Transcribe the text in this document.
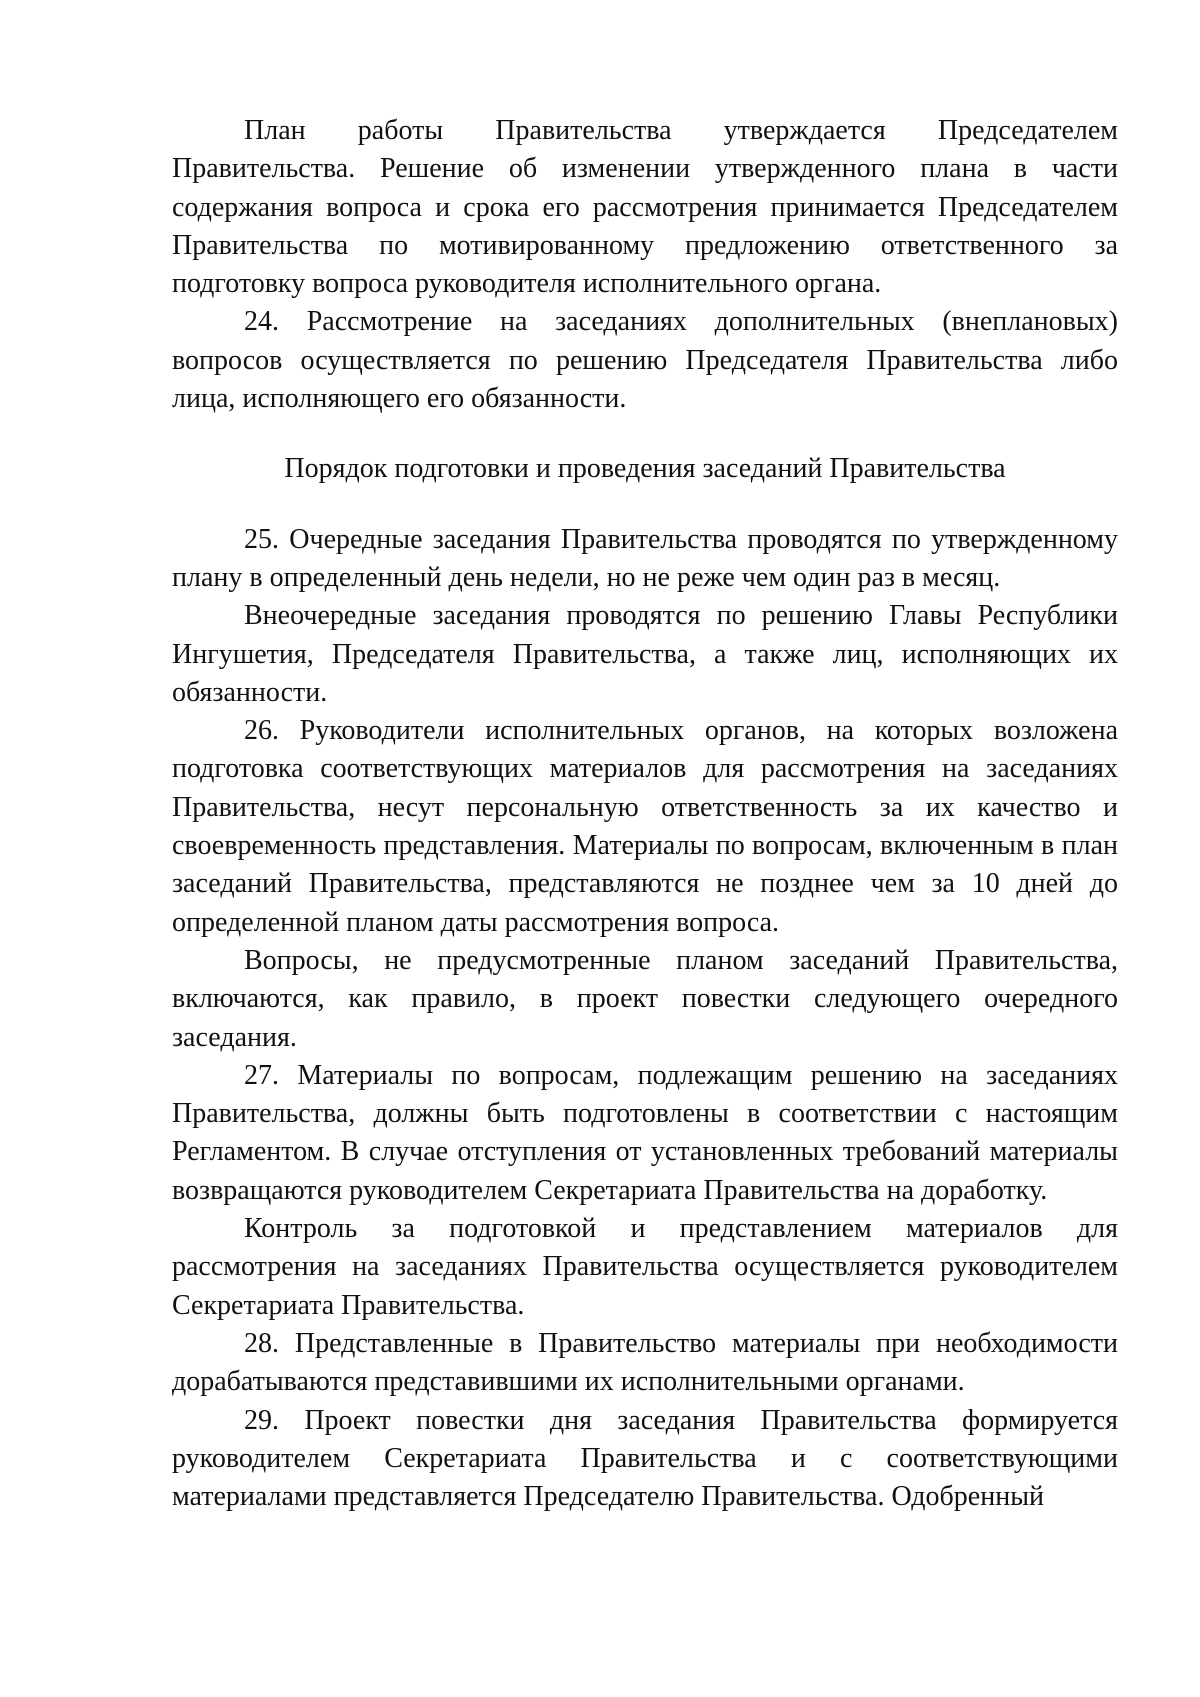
План работы Правительства утверждается Председателем Правительства. Решение об изменении утвержденного плана в части содержания вопроса и срока его рассмотрения принимается Председателем Правительства по мотивированному предложению ответственного за подготовку вопроса руководителя исполнительного органа.

24. Рассмотрение на заседаниях дополнительных (внеплановых) вопросов осуществляется по решению Председателя Правительства либо лица, исполняющего его обязанности.

Порядок подготовки и проведения заседаний Правительства

25. Очередные заседания Правительства проводятся по утвержденному плану в определенный день недели, но не реже чем один раз в месяц.

Внеочередные заседания проводятся по решению Главы Республики Ингушетия, Председателя Правительства, а также лиц, исполняющих их обязанности.

26. Руководители исполнительных органов, на которых возложена подготовка соответствующих материалов для рассмотрения на заседаниях Правительства, несут персональную ответственность за их качество и своевременность представления. Материалы по вопросам, включенным в план заседаний Правительства, представляются не позднее чем за 10 дней до определенной планом даты рассмотрения вопроса.

Вопросы, не предусмотренные планом заседаний Правительства, включаются, как правило, в проект повестки следующего очередного заседания.

27. Материалы по вопросам, подлежащим решению на заседаниях Правительства, должны быть подготовлены в соответствии с настоящим Регламентом. В случае отступления от установленных требований материалы возвращаются руководителем Секретариата Правительства на доработку.

Контроль за подготовкой и представлением материалов для рассмотрения на заседаниях Правительства осуществляется руководителем Секретариата Правительства.

28. Представленные в Правительство материалы при необходимости дорабатываются представившими их исполнительными органами.

29. Проект повестки дня заседания Правительства формируется руководителем Секретариата Правительства и с соответствующими материалами представляется Председателю Правительства. Одобренный
